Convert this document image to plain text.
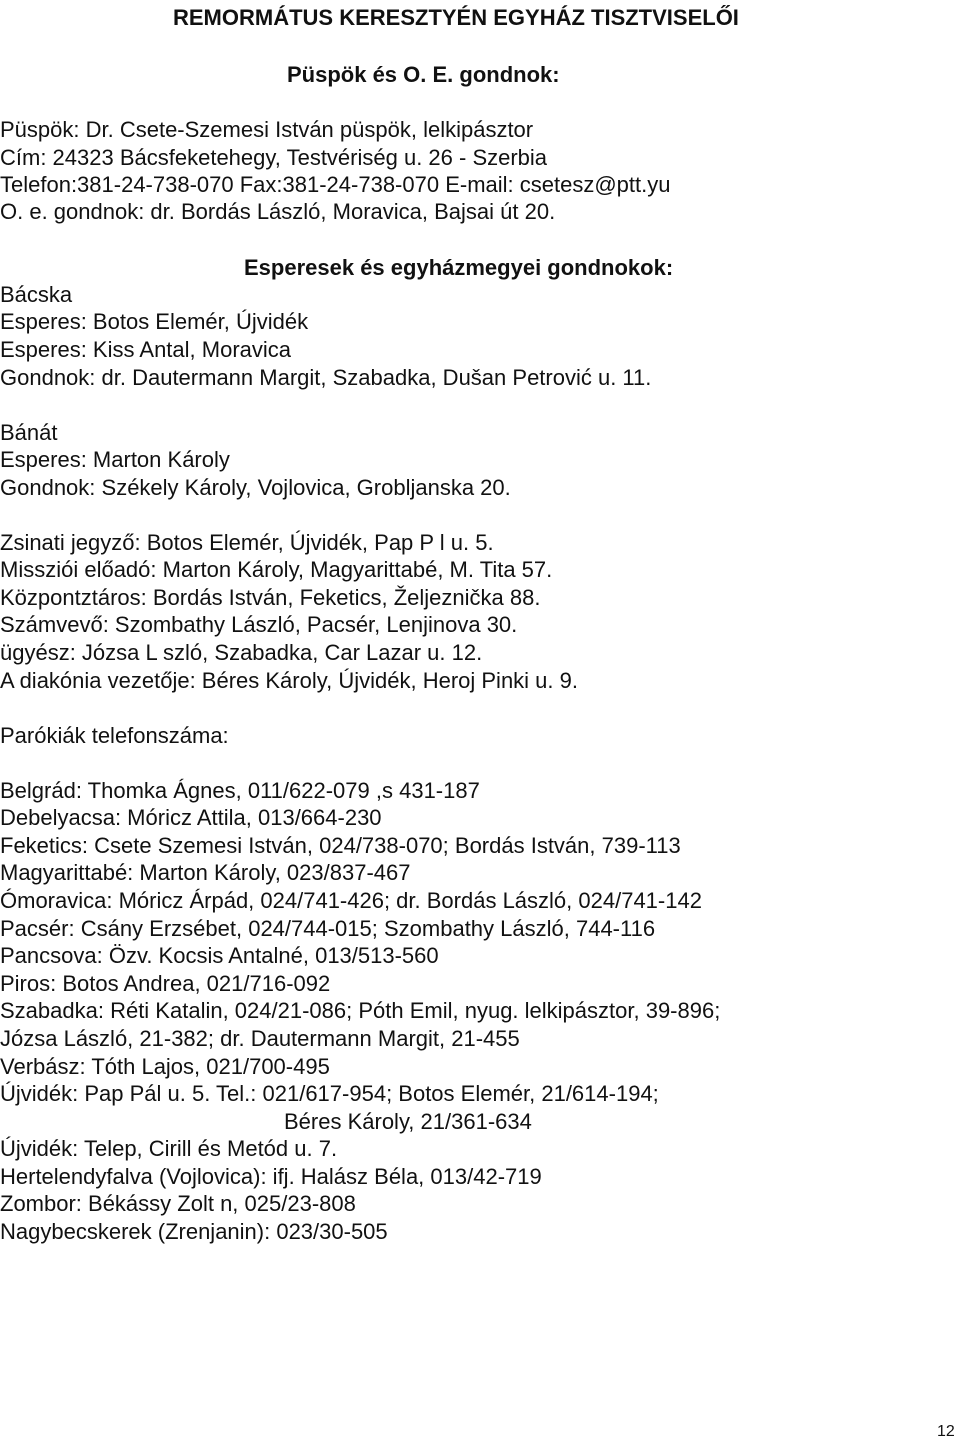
REMORMÁTUS KERESZTYÉN EGYHÁZ TISZTVISELŐI
Püspök és O. E. gondnok:
Püspök: Dr. Csete-Szemesi István püspök, lelkipásztor
Cím: 24323 Bácsfeketehegy, Testvériség u. 26 - Szerbia
Telefon:381-24-738-070 Fax:381-24-738-070 E-mail: csetesz@ptt.yu
O. e. gondnok: dr. Bordás László, Moravica, Bajsai út 20.
Esperesek és egyházmegyei gondnokok:
Bácska
Esperes: Botos Elemér, Újvidék
Esperes: Kiss Antal, Moravica
Gondnok: dr. Dautermann Margit, Szabadka, Dušan Petrović u. 11.
Bánát
Esperes: Marton Károly
Gondnok: Székely Károly, Vojlovica, Grobljanska 20.
Zsinati jegyző: Botos Elemér, Újvidék, Pap P l u. 5.
Missziói előadó: Marton Károly, Magyarittabé, M. Tita 57.
Központztáros: Bordás István, Feketics, Željeznička 88.
Számvevő: Szombathy László, Pacsér, Lenjinova 30.
ügyész: Józsa L szló, Szabadka, Car Lazar u. 12.
A diakónia vezetője: Béres Károly, Újvidék, Heroj Pinki u. 9.
Parókiák telefonszáma:
Belgrád: Thomka Ágnes, 011/622-079 ,s 431-187
Debelyacsa: Móricz Attila, 013/664-230
Feketics: Csete Szemesi István, 024/738-070; Bordás István, 739-113
Magyarittabé: Marton Károly, 023/837-467
Ómoravica: Móricz Árpád, 024/741-426; dr. Bordás László, 024/741-142
Pacsér: Csány Erzsébet, 024/744-015; Szombathy László, 744-116
Pancsova: Özv. Kocsis Antalné, 013/513-560
Piros: Botos Andrea, 021/716-092
Szabadka: Réti Katalin, 024/21-086; Póth Emil, nyug. lelkipásztor, 39-896;
Józsa László, 21-382; dr. Dautermann Margit, 21-455
Verbász: Tóth Lajos, 021/700-495
Újvidék: Pap Pál u. 5. Tel.: 021/617-954; Botos Elemér, 21/614-194;
Béres Károly, 21/361-634
Újvidék: Telep, Cirill és Metód u. 7.
Hertelendyfalva (Vojlovica): ifj. Halász Béla, 013/42-719
Zombor: Békássy Zolt n, 025/23-808
Nagybecskerek (Zrenjanin): 023/30-505
12
